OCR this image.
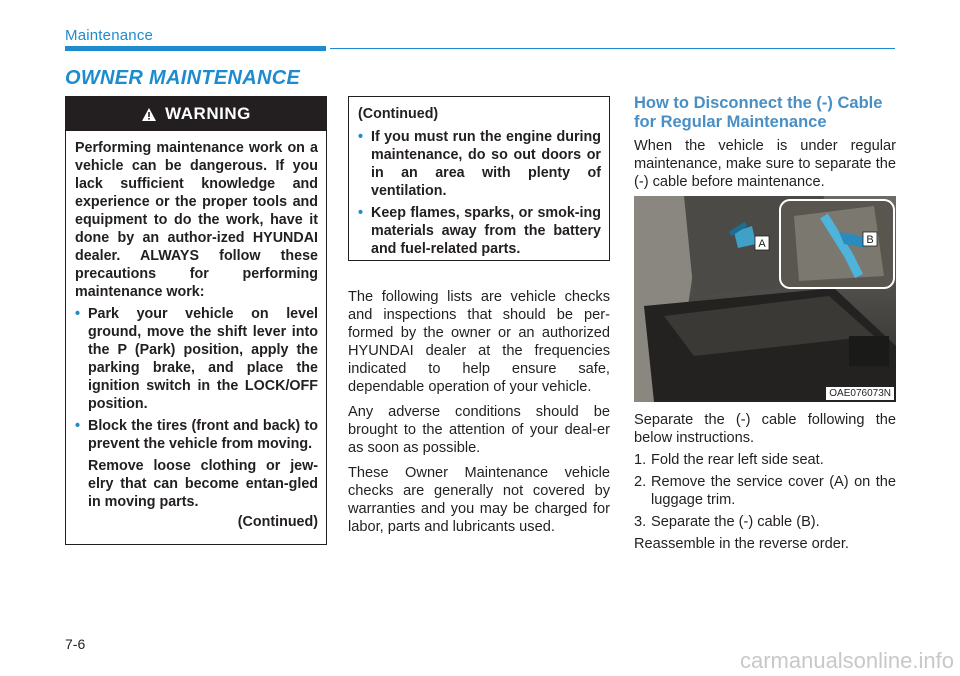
Maintenance
OWNER MAINTENANCE
WARNING

Performing maintenance work on a vehicle can be dangerous. If you lack sufficient knowledge and experience or the proper tools and equipment to do the work, have it done by an author-ized HYUNDAI dealer. ALWAYS follow these precautions for performing maintenance work:

• Park your vehicle on level ground, move the shift lever into the P (Park) position, apply the parking brake, and place the ignition switch in the LOCK/OFF position.
• Block the tires (front and back) to prevent the vehicle from moving.
Remove loose clothing or jew-elry that can become entan-gled in moving parts.
(Continued)

(Continued)

• If you must run the engine during maintenance, do so out doors or in an area with plenty of ventilation.
• Keep flames, sparks, or smok-ing materials away from the battery and fuel-related parts.

The following lists are vehicle checks and inspections that should be per-formed by the owner or an authorized HYUNDAI dealer at the frequencies indicated to help ensure safe, dependable operation of your vehicle.

Any adverse conditions should be brought to the attention of your deal-er as soon as possible.

These Owner Maintenance vehicle checks are generally not covered by warranties and you may be charged for labor, parts and lubricants used.

How to Disconnect the (-) Cable for Regular Maintenance

When the vehicle is under regular maintenance, make sure to separate the (-) cable before maintenance.

A	B
OAE076073N

Separate the (-) cable following the below instructions.

1. Fold the rear left side seat.

2. Remove the service cover (A) on the luggage trim.

3. Separate the (-) cable (B).

Reassemble in the reverse order.

7-6
carmanualsonline.info
